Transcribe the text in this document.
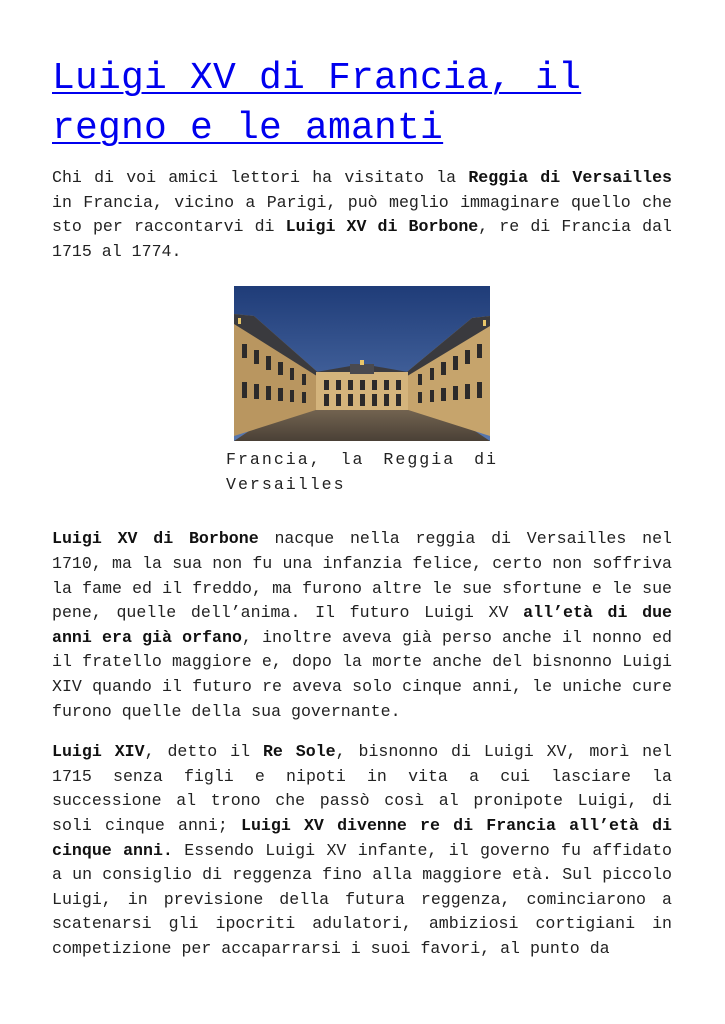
Luigi XV di Francia, il regno e le amanti

Chi di voi amici lettori ha visitato la Reggia di Versailles in Francia, vicino a Parigi, può meglio immaginare quello che sto per raccontarvi di Luigi XV di Borbone, re di Francia dal 1715 al 1774.

Francia, la Reggia di Versailles

Luigi XV di Borbone nacque nella reggia di Versailles nel 1710, ma la sua non fu una infanzia felice, certo non soffriva la fame ed il freddo, ma furono altre le sue sfortune e le sue pene, quelle dell’anima. Il futuro Luigi XV all’età di due anni era già orfano, inoltre aveva già perso anche il nonno ed il fratello maggiore e, dopo la morte anche del bisnonno Luigi XIV quando il futuro re aveva solo cinque anni, le uniche cure furono quelle della sua governante.

Luigi XIV, detto il Re Sole, bisnonno di Luigi XV, morì nel 1715 senza figli e nipoti in vita a cui lasciare la successione al trono che passò così al pronipote Luigi, di soli cinque anni; Luigi XV divenne re di Francia all’età di cinque anni. Essendo Luigi XV infante, il governo fu affidato a un consiglio di reggenza fino alla maggiore età. Sul piccolo Luigi, in previsione della futura reggenza, cominciarono a scatenarsi gli ipocriti adulatori, ambiziosi cortigiani in competizione per accaparrarsi i suoi favori, al punto da
